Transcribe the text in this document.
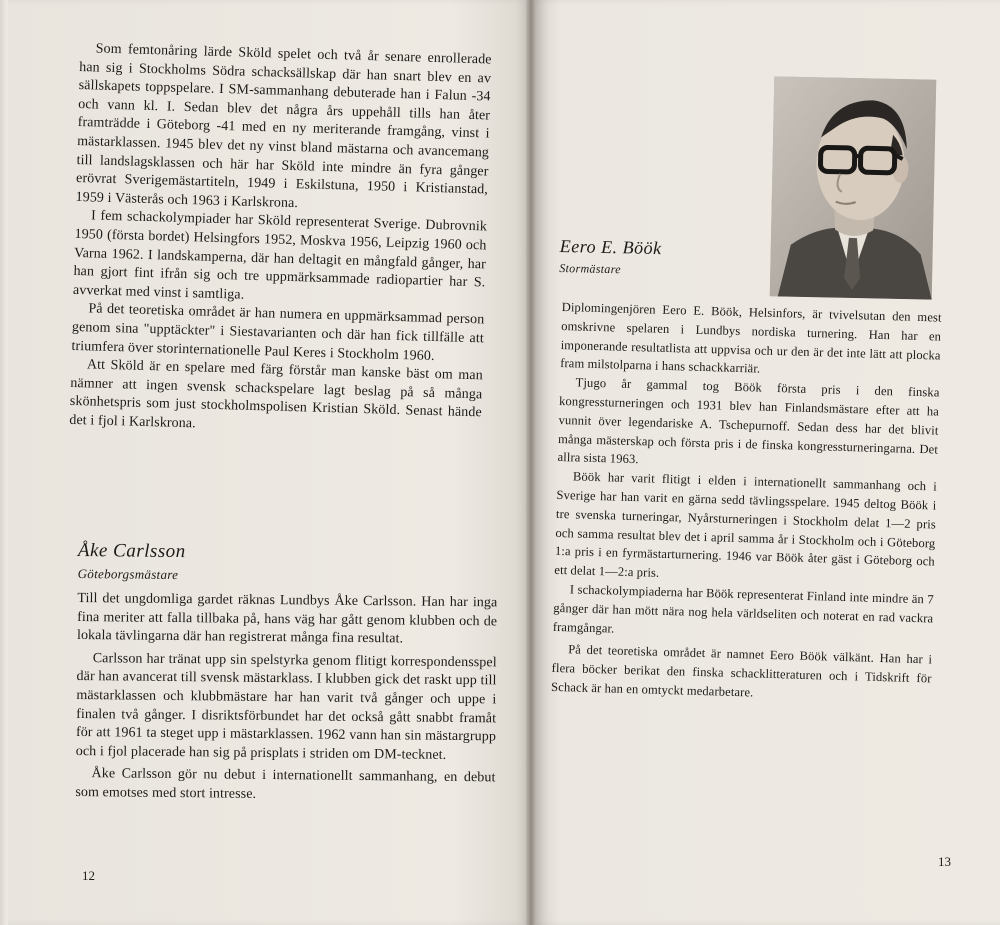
Som femtonåring lärde Sköld spelet och två år senare enrollerade han sig i Stockholms Södra schacksällskap där han snart blev en av sällskapets toppspelare. I SM-sammanhang debuterade han i Falun -34 och vann kl. I. Sedan blev det några års uppehåll tills han åter framträdde i Göteborg -41 med en ny meriterande framgång, vinst i mästarklassen. 1945 blev det ny vinst bland mästarna och avancemang till landslagsklassen och här har Sköld inte mindre än fyra gånger erövrat Sverigemästartiteln, 1949 i Eskilstuna, 1950 i Kristianstad, 1959 i Västerås och 1963 i Karlskrona.

I fem schackolympiader har Sköld representerat Sverige. Dubrovnik 1950 (första bordet) Helsingfors 1952, Moskva 1956, Leipzig 1960 och Varna 1962. I landskamperna, där han deltagit en mångfald gånger, har han gjort fint ifrån sig och tre uppmärksammade radiopartier har S. avverkat med vinst i samtliga.

På det teoretiska området är han numera en uppmärksammad person genom sina "upptäckter" i Siestavarianten och där han fick tillfälle att triumfera över storinternationelle Paul Keres i Stockholm 1960.

Att Sköld är en spelare med färg förstår man kanske bäst om man nämner att ingen svensk schackspelare lagt beslag på så många skönhetspris som just stockholmspolisen Kristian Sköld. Senast hände det i fjol i Karlskrona.

Åke Carlsson
Göteborgsmästare

Till det ungdomliga gardet räknas Lundbys Åke Carlsson. Han har inga fina meriter att falla tillbaka på, hans väg har gått genom klubben och de lokala tävlingarna där han registrerat många fina resultat.

Carlsson har tränat upp sin spelstyrka genom flitigt korrespondensspel där han avancerat till svensk mästarklass. I klubben gick det raskt upp till mästarklassen och klubbmästare har han varit två gånger och uppe i finalen två gånger. I disriktsförbundet har det också gått snabbt framåt för att 1961 ta steget upp i mästarklassen. 1962 vann han sin mästargrupp och i fjol placerade han sig på prisplats i striden om DM-tecknet.

Åke Carlsson gör nu debut i internationellt sammanhang, en debut som emotses med stort intresse.

12
Eero E. Böök
Stormästare

Diplomingenjören Eero E. Böök, Helsinfors, är tvivelsutan den mest omskrivne spelaren i Lundbys nordiska turnering. Han har en imponerande resultatlista att uppvisa och ur den är det inte lätt att plocka fram milstolparna i hans schackkarriär.

Tjugo år gammal tog Böök första pris i den finska kongressturneringen och 1931 blev han Finlandsmästare efter att ha vunnit över legendariske A. Tschepurnoff. Sedan dess har det blivit många mästerskap och första pris i de finska kongressturneringarna. Det allra sista 1963.

Böök har varit flitigt i elden i internationellt sammanhang och i Sverige har han varit en gärna sedd tävlingsspelare. 1945 deltog Böök i tre svenska turneringar, Nyårsturneringen i Stockholm delat 1—2 pris och samma resultat blev det i april samma år i Stockholm och i Göteborg 1:a pris i en fyrmästarturnering. 1946 var Böök åter gäst i Göteborg och ett delat 1—2:a pris.

I schackolympiaderna har Böök representerat Finland inte mindre än 7 gånger där han mött nära nog hela världseliten och noterat en rad vackra framgångar.

På det teoretiska området är namnet Eero Böök välkänt. Han har i flera böcker berikat den finska schacklitteraturen och i Tidskrift för Schack är han en omtyckt medarbetare.

13
